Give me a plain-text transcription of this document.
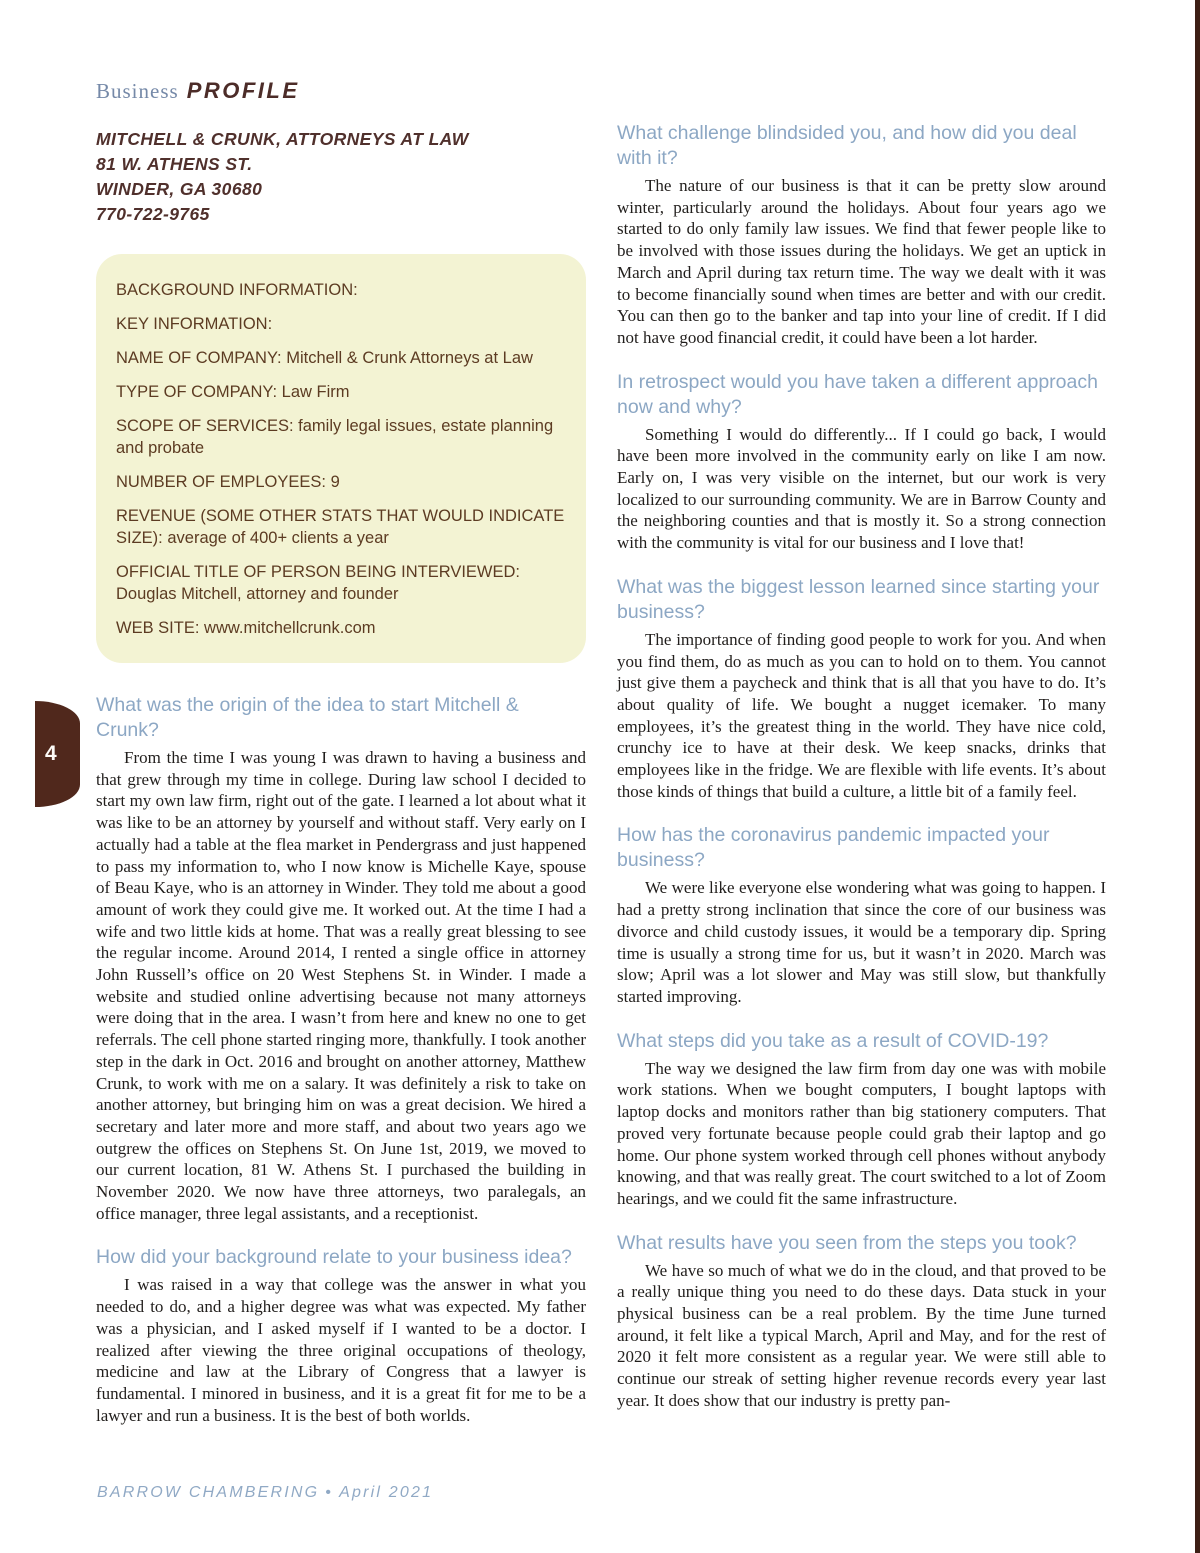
4
Business PROFILE
MITCHELL & CRUNK, ATTORNEYS AT LAW
81 W. ATHENS ST.
WINDER, GA 30680
770-722-9765

BACKGROUND INFORMATION:

KEY INFORMATION:

NAME OF COMPANY: Mitchell & Crunk Attorneys at Law

TYPE OF COMPANY: Law Firm

SCOPE OF SERVICES: family legal issues, estate planning and probate

NUMBER OF EMPLOYEES: 9

REVENUE (SOME OTHER STATS THAT WOULD INDICATE SIZE): average of 400+ clients a year

OFFICIAL TITLE OF PERSON BEING INTERVIEWED: Douglas Mitchell, attorney and founder

WEB SITE: www.mitchellcrunk.com

What was the origin of the idea to start Mitchell & Crunk?

From the time I was young I was drawn to having a business and that grew through my time in college. During law school I decided to start my own law firm, right out of the gate. I learned a lot about what it was like to be an attorney by yourself and without staff. Very early on I actually had a table at the flea market in Pendergrass and just happened to pass my information to, who I now know is Michelle Kaye, spouse of Beau Kaye, who is an attorney in Winder. They told me about a good amount of work they could give me. It worked out. At the time I had a wife and two little kids at home. That was a really great blessing to see the regular income. Around 2014, I rented a single office in attorney John Russell’s office on 20 West Stephens St. in Winder. I made a website and studied online advertising because not many attorneys were doing that in the area. I wasn’t from here and knew no one to get referrals. The cell phone started ringing more, thankfully. I took another step in the dark in Oct. 2016 and brought on another attorney, Matthew Crunk, to work with me on a salary. It was definitely a risk to take on another attorney, but bringing him on was a great decision. We hired a secretary and later more and more staff, and about two years ago we outgrew the offices on Stephens St. On June 1st, 2019, we moved to our current location, 81 W. Athens St. I purchased the building in November 2020. We now have three attorneys, two paralegals, an office manager, three legal assistants, and a receptionist.

How did your background relate to your business idea?

I was raised in a way that college was the answer in what you needed to do, and a higher degree was what was expected. My father was a physician, and I asked myself if I wanted to be a doctor. I realized after viewing the three original occupations of theology, medicine and law at the Library of Congress that a lawyer is fundamental. I minored in business, and it is a great fit for me to be a lawyer and run a business. It is the best of both worlds.

What challenge blindsided you, and how did you deal with it?

The nature of our business is that it can be pretty slow around winter, particularly around the holidays. About four years ago we started to do only family law issues. We find that fewer people like to be involved with those issues during the holidays. We get an uptick in March and April during tax return time. The way we dealt with it was to become financially sound when times are better and with our credit. You can then go to the banker and tap into your line of credit. If I did not have good financial credit, it could have been a lot harder.

In retrospect would you have taken a different approach now and why?

Something I would do differently... If I could go back, I would have been more involved in the community early on like I am now. Early on, I was very visible on the internet, but our work is very localized to our surrounding community. We are in Barrow County and the neighboring counties and that is mostly it. So a strong connection with the community is vital for our business and I love that!

What was the biggest lesson learned since starting your business?

The importance of finding good people to work for you. And when you find them, do as much as you can to hold on to them. You cannot just give them a paycheck and think that is all that you have to do. It’s about quality of life. We bought a nugget icemaker. To many employees, it’s the greatest thing in the world. They have nice cold, crunchy ice to have at their desk. We keep snacks, drinks that employees like in the fridge. We are flexible with life events. It’s about those kinds of things that build a culture, a little bit of a family feel.

How has the coronavirus pandemic impacted your business?

We were like everyone else wondering what was going to happen. I had a pretty strong inclination that since the core of our business was divorce and child custody issues, it would be a temporary dip. Spring time is usually a strong time for us, but it wasn’t in 2020. March was slow; April was a lot slower and May was still slow, but thankfully started improving.

What steps did you take as a result of COVID-19?

The way we designed the law firm from day one was with mobile work stations. When we bought computers, I bought laptops with laptop docks and monitors rather than big stationery computers. That proved very fortunate because people could grab their laptop and go home. Our phone system worked through cell phones without anybody knowing, and that was really great. The court switched to a lot of Zoom hearings, and we could fit the same infrastructure.

What results have you seen from the steps you took?

We have so much of what we do in the cloud, and that proved to be a really unique thing you need to do these days. Data stuck in your physical business can be a real problem. By the time June turned around, it felt like a typical March, April and May, and for the rest of 2020 it felt more consistent as a regular year. We were still able to continue our streak of setting higher revenue records every year last year. It does show that our industry is pretty pan-

BARROW CHAMBERING • April 2021
